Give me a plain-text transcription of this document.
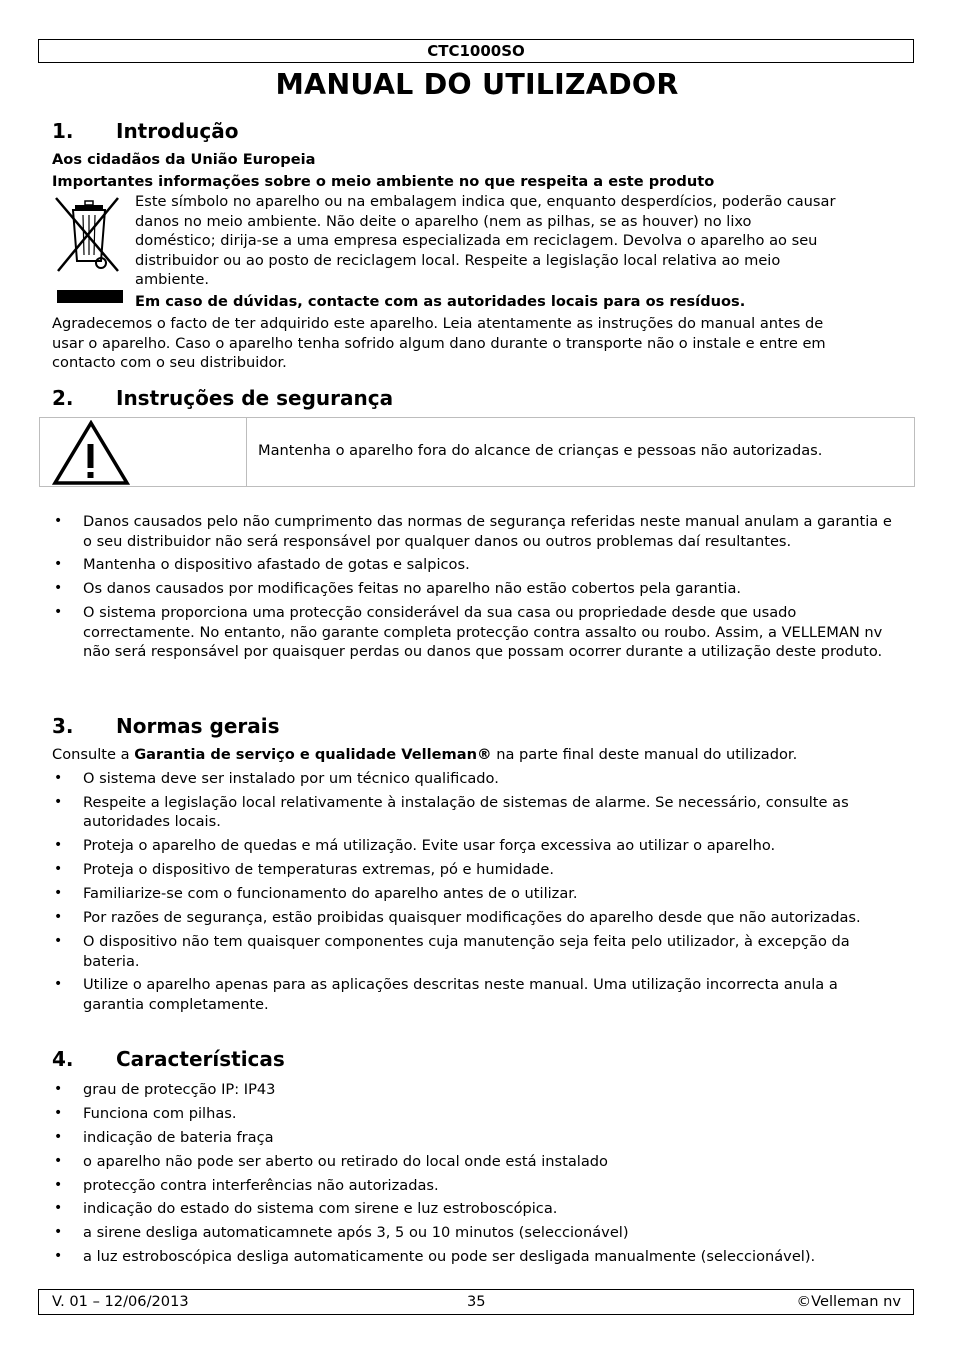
CTC1000SO
MANUAL DO UTILIZADOR
1. Introdução
Aos cidadãos da União Europeia
Importantes informações sobre o meio ambiente no que respeita a este produto
Este símbolo no aparelho ou na embalagem indica que, enquanto desperdícios, poderão causar
danos no meio ambiente. Não deite o aparelho (nem as pilhas, se as houver) no lixo
doméstico; dirija-se a uma empresa especializada em reciclagem. Devolva o aparelho ao seu
distribuidor ou ao posto de reciclagem local. Respeite a legislação local relativa ao meio
ambiente.
Em caso de dúvidas, contacte com as autoridades locais para os resíduos.
Agradecemos o facto de ter adquirido este aparelho. Leia atentamente as instruções do manual antes de
usar o aparelho. Caso o aparelho tenha sofrido algum dano durante o transporte não o instale e entre em
contacto com o seu distribuidor.
2. Instruções de segurança
Mantenha o aparelho fora do alcance de crianças e pessoas não autorizadas.
• Danos causados pelo não cumprimento das normas de segurança referidas neste manual anulam a garantia e o seu distribuidor não será responsável por qualquer danos ou outros problemas daí resultantes.
• Mantenha o dispositivo afastado de gotas e salpicos.
• Os danos causados por modificações feitas no aparelho não estão cobertos pela garantia.
• O sistema proporciona uma protecção considerável da sua casa ou propriedade desde que usado correctamente. No entanto, não garante completa protecção contra assalto ou roubo. Assim, a VELLEMAN nv não será responsável por quaisquer perdas ou danos que possam ocorrer durante a utilização deste produto.
3. Normas gerais
Consulte a Garantia de serviço e qualidade Velleman® na parte final deste manual do utilizador.
• O sistema deve ser instalado por um técnico qualificado.
• Respeite a legislação local relativamente à instalação de sistemas de alarme. Se necessário, consulte as autoridades locais.
• Proteja o aparelho de quedas e má utilização. Evite usar força excessiva ao utilizar o aparelho.
• Proteja o dispositivo de temperaturas extremas, pó e humidade.
• Familiarize-se com o funcionamento do aparelho antes de o utilizar.
• Por razões de segurança, estão proibidas quaisquer modificações do aparelho desde que não autorizadas.
• O dispositivo não tem quaisquer componentes cuja manutenção seja feita pelo utilizador, à excepção da bateria.
• Utilize o aparelho apenas para as aplicações descritas neste manual. Uma utilização incorrecta anula a garantia completamente.
4. Características
• grau de protecção IP: IP43
• Funciona com pilhas.
• indicação de bateria fraça
• o aparelho não pode ser aberto ou retirado do local onde está instalado
• protecção contra interferências não autorizadas.
• indicação do estado do sistema com sirene e luz estroboscópica.
• a sirene desliga automaticamnete após 3, 5 ou 10 minutos (seleccionável)
• a luz estroboscópica desliga automaticamente ou pode ser desligada manualmente (seleccionável).
V. 01 – 12/06/2013	35	©Velleman nv
